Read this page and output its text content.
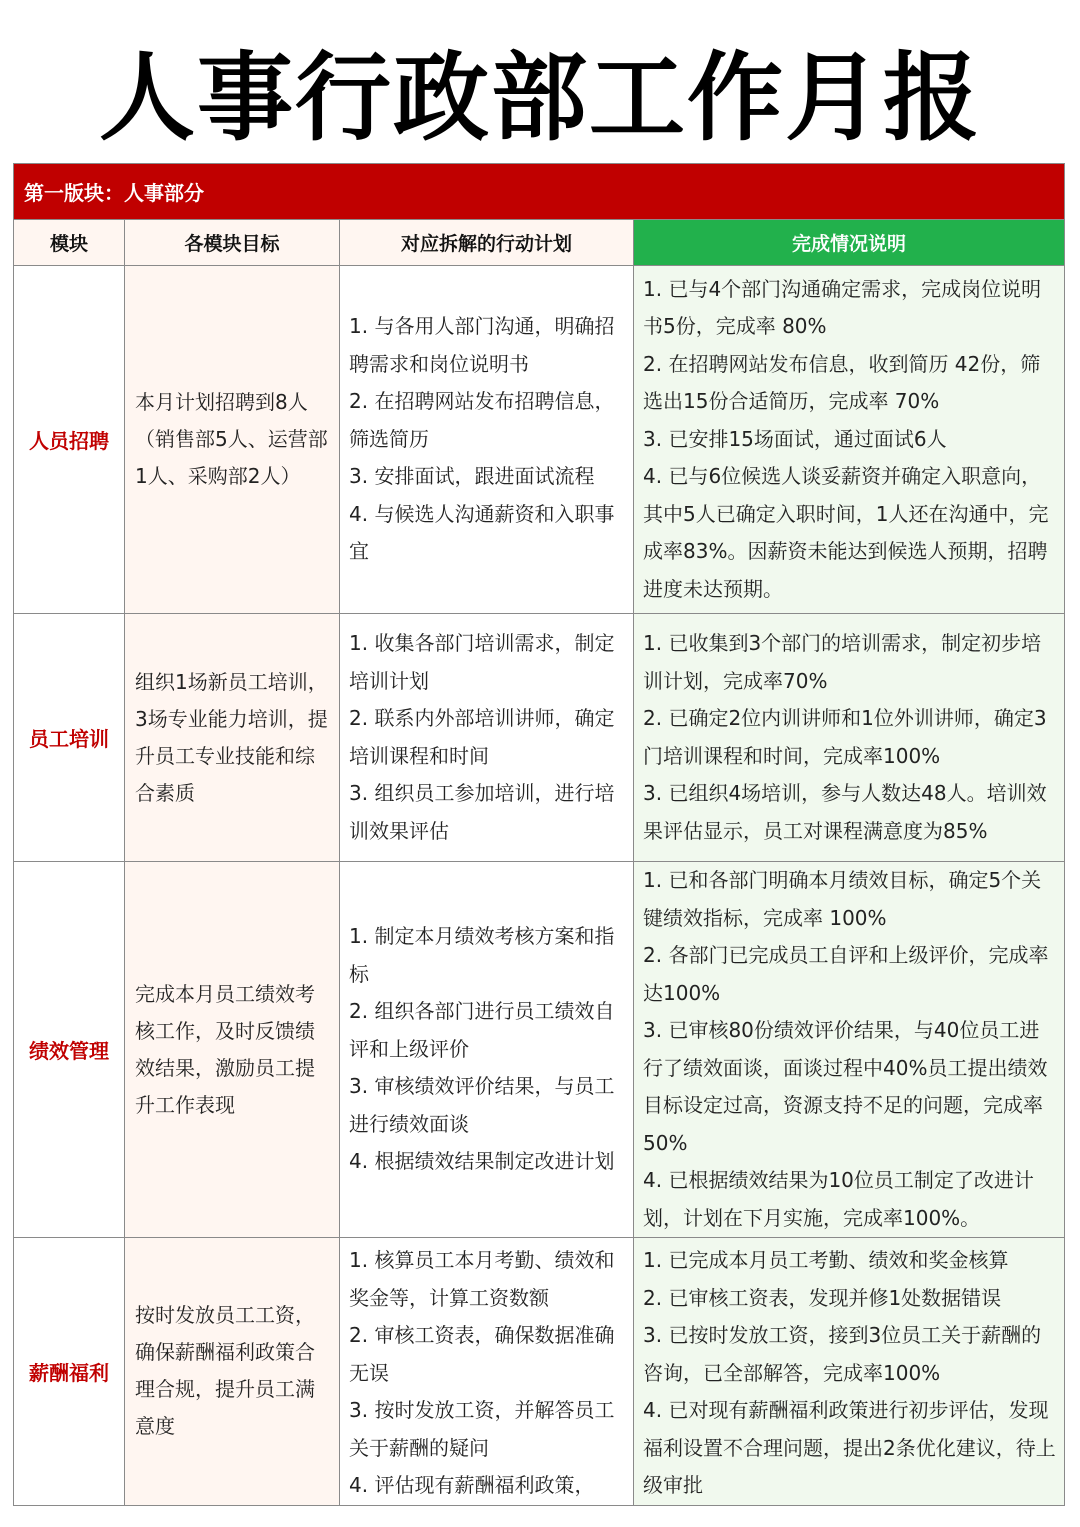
人事行政部工作月报
第一版块：人事部分			
模块	各模块目标	对应拆解的行动计划	完成情况说明
人员招聘	本月计划招聘到8人（销售部5人、运营部1人、采购部2人）	1. 与各用人部门沟通，明确招聘需求和岗位说明书
2. 在招聘网站发布招聘信息，筛选简历
3. 安排面试，跟进面试流程
4. 与候选人沟通薪资和入职事宜	1. 已与4个部门沟通确定需求，完成岗位说明书5份，完成率 80%
2. 在招聘网站发布信息，收到简历 42份，筛选出15份合适简历，完成率 70%
3. 已安排15场面试，通过面试6人
4. 已与6位候选人谈妥薪资并确定入职意向，其中5人已确定入职时间，1人还在沟通中，完成率83%。因薪资未能达到候选人预期，招聘进度未达预期。

员工培训	组织1场新员工培训，3场专业能力培训，提升员工专业技能和综合素质	1. 收集各部门培训需求，制定培训计划
2. 联系内外部培训讲师，确定培训课程和时间
3. 组织员工参加培训，进行培训效果评估	1. 已收集到3个部门的培训需求，制定初步培训计划，完成率70%
2. 已确定2位内训讲师和1位外训讲师，确定3门培训课程和时间，完成率100%
3. 已组织4场培训，参与人数达48人。培训效果评估显示，员工对课程满意度为85%

绩效管理	完成本月员工绩效考核工作，及时反馈绩效结果，激励员工提升工作表现	1. 制定本月绩效考核方案和指标
2. 组织各部门进行员工绩效自评和上级评价
3. 审核绩效评价结果，与员工进行绩效面谈
4. 根据绩效结果制定改进计划	1. 已和各部门明确本月绩效目标，确定5个关键绩效指标，完成率 100%
2. 各部门已完成员工自评和上级评价，完成率达100%
3. 已审核80份绩效评价结果，与40位员工进行了绩效面谈，面谈过程中40%员工提出绩效目标设定过高，资源支持不足的问题，完成率 50%
4. 已根据绩效结果为10位员工制定了改进计划，计划在下月实施，完成率100%。

薪酬福利	按时发放员工工资，确保薪酬福利政策合理合规，提升员工满意度	1. 核算员工本月考勤、绩效和奖金等，计算工资数额
2. 审核工资表，确保数据准确无误
3. 按时发放工资，并解答员工关于薪酬的疑问
4. 评估现有薪酬福利政策，	1. 已完成本月员工考勤、绩效和奖金核算
2. 已审核工资表，发现并修1处数据错误
3. 已按时发放工资，接到3位员工关于薪酬的咨询，已全部解答，完成率100%
4. 已对现有薪酬福利政策进行初步评估，发现福利设置不合理问题，提出2条优化建议，待上级审批
